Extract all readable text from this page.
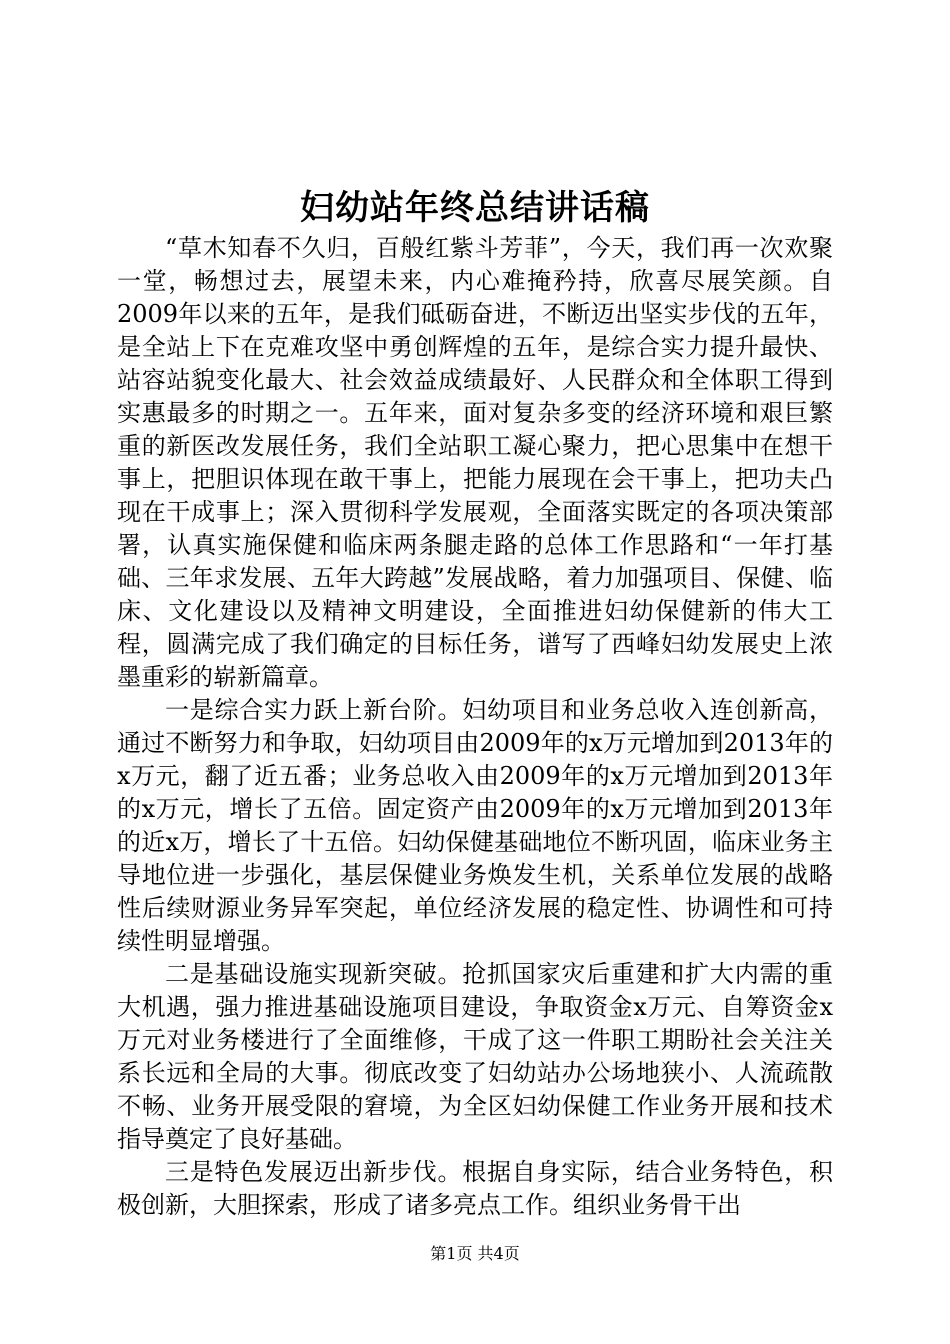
妇幼站年终总结讲话稿

“草木知春不久归，百般红紫斗芳菲”，今天，我们再一次欢聚一堂，畅想过去，展望未来，内心难掩矜持，欣喜尽展笑颜。自2009年以来的五年，是我们砥砺奋进，不断迈出坚实步伐的五年，是全站上下在克难攻坚中勇创辉煌的五年，是综合实力提升最快、站容站貌变化最大、社会效益成绩最好、人民群众和全体职工得到实惠最多的时期之一。五年来，面对复杂多变的经济环境和艰巨繁重的新医改发展任务，我们全站职工凝心聚力，把心思集中在想干事上，把胆识体现在敢干事上，把能力展现在会干事上，把功夫凸现在干成事上；深入贯彻科学发展观，全面落实既定的各项决策部署，认真实施保健和临床两条腿走路的总体工作思路和“一年打基础、三年求发展、五年大跨越”发展战略，着力加强项目、保健、临床、文化建设以及精神文明建设，全面推进妇幼保健新的伟大工程，圆满完成了我们确定的目标任务，谱写了西峰妇幼发展史上浓墨重彩的崭新篇章。

一是综合实力跃上新台阶。妇幼项目和业务总收入连创新高，通过不断努力和争取，妇幼项目由2009年的x万元增加到2013年的x万元，翻了近五番；业务总收入由2009年的x万元增加到2013年的x万元，增长了五倍。固定资产由2009年的x万元增加到2013年的近x万，增长了十五倍。妇幼保健基础地位不断巩固，临床业务主导地位进一步强化，基层保健业务焕发生机，关系单位发展的战略性后续财源业务异军突起，单位经济发展的稳定性、协调性和可持续性明显增强。

二是基础设施实现新突破。抢抓国家灾后重建和扩大内需的重大机遇，强力推进基础设施项目建设，争取资金x万元、自筹资金x万元对业务楼进行了全面维修，干成了这一件职工期盼社会关注关系长远和全局的大事。彻底改变了妇幼站办公场地狭小、人流疏散不畅、业务开展受限的窘境，为全区妇幼保健工作业务开展和技术指导奠定了良好基础。

三是特色发展迈出新步伐。根据自身实际，结合业务特色，积极创新，大胆探索，形成了诸多亮点工作。组织业务骨干出

第1页 共4页
